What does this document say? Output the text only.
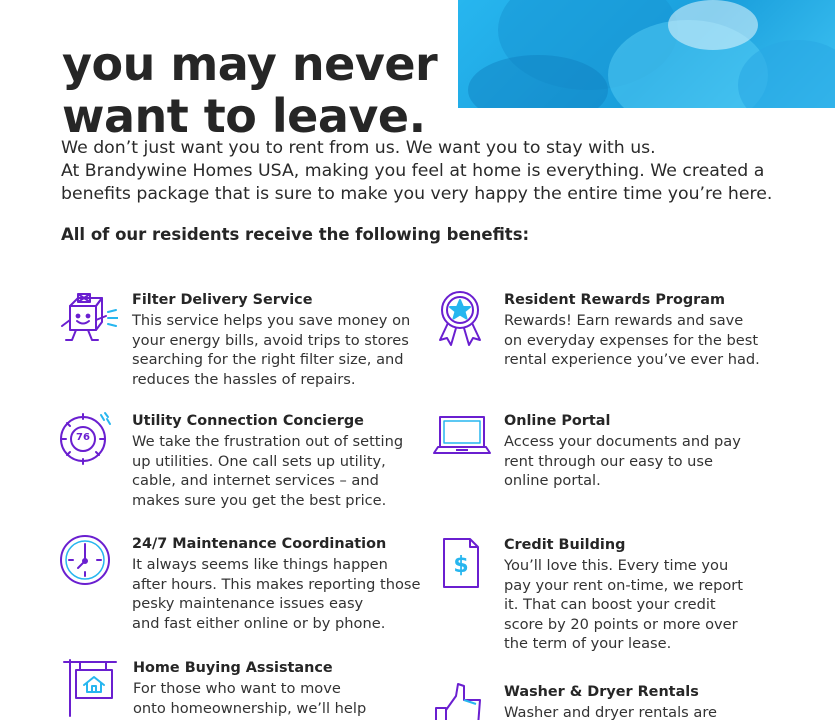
you may never
want to leave.
We don’t just want you to rent from us. We want you to stay with us.
At Brandywine Homes USA, making you feel at home is everything. We created a
benefits package that is sure to make you very happy the entire time you’re here.
All of our residents receive the following benefits:
Filter Delivery Service
This service helps you save money on
your energy bills, avoid trips to stores
searching for the right filter size, and
reduces the hassles of repairs.
76
Utility Connection Concierge
We take the frustration out of setting
up utilities. One call sets up utility,
cable, and internet services – and
makes sure you get the best price.
24/7 Maintenance Coordination
It always seems like things happen
after hours. This makes reporting those
pesky maintenance issues easy
and fast either online or by phone.
Home Buying Assistance
For those who want to move
onto homeownership, we’ll help
Resident Rewards Program
Rewards! Earn rewards and save
on everyday expenses for the best
rental experience you’ve ever had.
Online Portal
Access your documents and pay
rent through our easy to use
online portal.
$
Credit Building
You’ll love this. Every time you
pay your rent on-time, we report
it. That can boost your credit
score by 20 points or more over
the term of your lease.
Washer & Dryer Rentals
Washer and dryer rentals are
